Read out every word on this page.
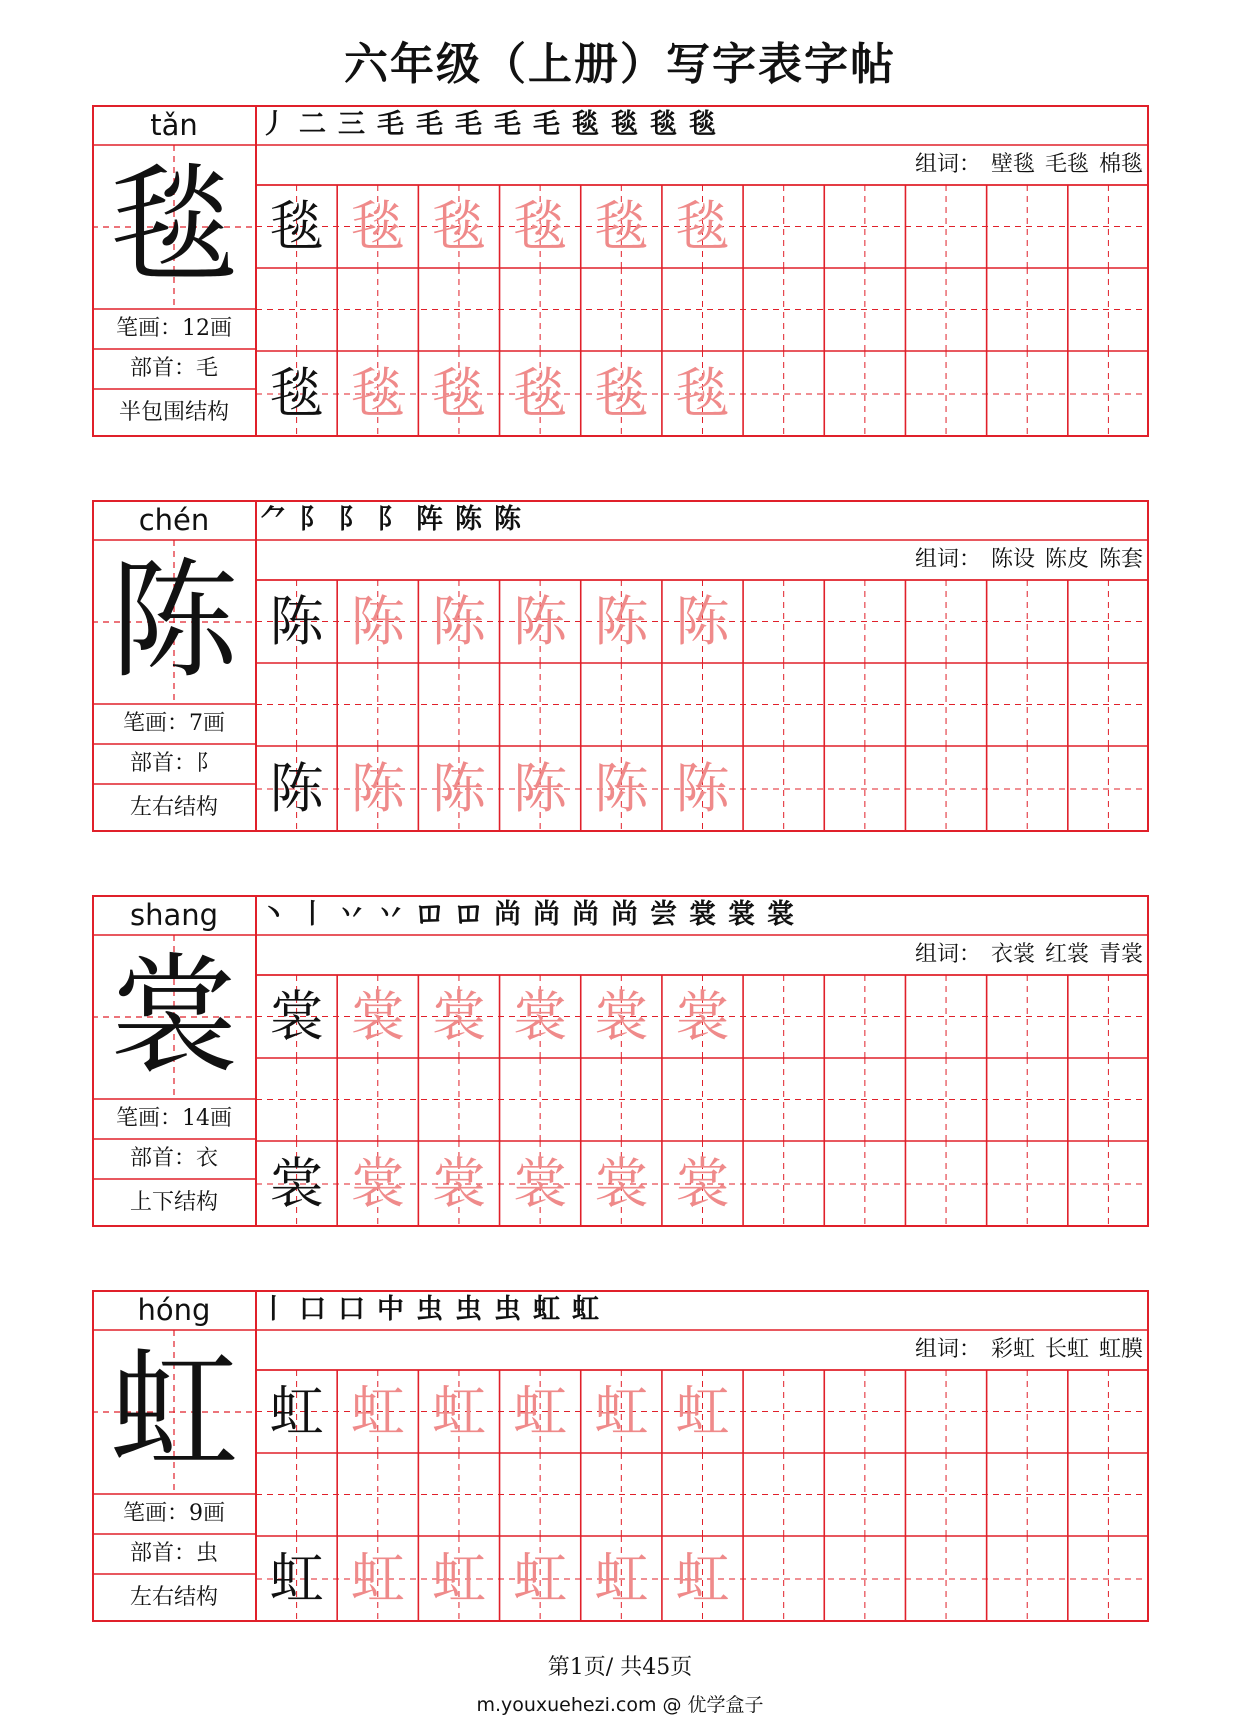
六年级（上册）写字表字帖
tǎn
毯
笔画：12画
部首：毛
半包围结构
丿 二 三 毛 毛 毛 毛 毛 毯 毯 毯 毯
组词： 壁毯 毛毯 棉毯
毯 毯 毯 毯 毯 毯
毯 毯 毯 毯 毯 毯
chén
陈
笔画：7画
部首：阝
左右结构
⺈ 阝 阝 阝 阵 陈 陈
组词： 陈设 陈皮 陈套
陈 陈 陈 陈 陈 陈
陈 陈 陈 陈 陈 陈
shang
裳
笔画：14画
部首：衣
上下结构
丶 丨 丷 丷 𫩏 𫩏 尚 尚 尚 尚 尝 裳 裳 裳
组词： 衣裳 红裳 青裳
裳 裳 裳 裳 裳 裳
裳 裳 裳 裳 裳 裳
hóng
虹
笔画：9画
部首：虫
左右结构
丨 口 口 中 虫 虫 虫 虹 虹
组词： 彩虹 长虹 虹膜
虹 虹 虹 虹 虹 虹
虹 虹 虹 虹 虹 虹
第1页/ 共45页
m.youxuehezi.com @ 优学盒子
